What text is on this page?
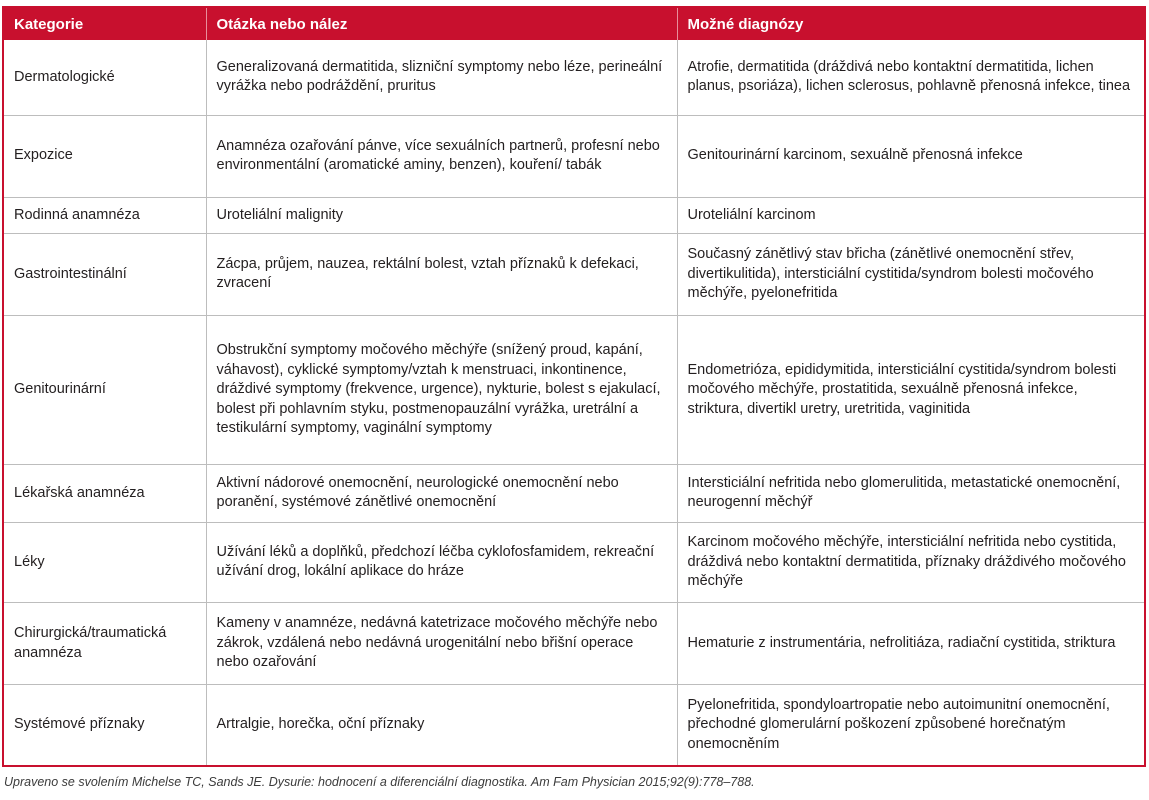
Kategorie	Otázka nebo nález	Možné diagnózy
Dermatologické	Generalizovaná dermatitida, slizniční symptomy nebo léze, perineální vyrážka nebo podráždění, pruritus	Atrofie, dermatitida (dráždivá nebo kontaktní dermatitida, lichen planus, psoriáza), lichen sclerosus, pohlavně přenosná infekce, tinea
Expozice	Anamnéza ozařování pánve, více sexuálních partnerů, profesní nebo environmentální (aromatické aminy, benzen), kouření/ tabák	Genitourinární karcinom, sexuálně přenosná infekce
Rodinná anamnéza	Uroteliální malignity	Uroteliální karcinom
Gastrointestinální	Zácpa, průjem, nauzea, rektální bolest, vztah příznaků k defekaci, zvracení	Současný zánětlivý stav břicha (zánětlivé onemocnění střev, divertikulitida), intersticiální cystitida/syndrom bolesti močového měchýře, pyelonefritida
Genitourinární	Obstrukční symptomy močového měchýře (snížený proud, kapání, váhavost), cyklické symptomy/vztah k menstruaci, inkontinence, dráždivé symptomy (frekvence, urgence), nykturie, bolest s ejakulací, bolest při pohlavním styku, postmenopauzální vyrážka, uretrální a testikulární symptomy, vaginální symptomy	Endometrióza, epididymitida, intersticiální cystitida/syndrom bolesti močového měchýře, prostatitida, sexuálně přenosná infekce, striktura, divertikl uretry, uretritida, vaginitida
Lékařská anamnéza	Aktivní nádorové onemocnění, neurologické onemocnění nebo poranění, systémové zánětlivé onemocnění	Intersticiální nefritida nebo glomerulitida, metastatické onemocnění, neurogenní měchýř
Léky	Užívání léků a doplňků, předchozí léčba cyklofosfamidem, rekreační užívání drog, lokální aplikace do hráze	Karcinom močového měchýře, intersticiální nefritida nebo cystitida, dráždivá nebo kontaktní dermatitida, příznaky dráždivého močového měchýře
Chirurgická/traumatická anamnéza	Kameny v anamnéze, nedávná katetrizace močového měchýře nebo zákrok, vzdálená nebo nedávná urogenitální nebo břišní operace nebo ozařování	Hematurie z instrumentária, nefrolitiáza, radiační cystitida, striktura
Systémové příznaky	Artralgie, horečka, oční příznaky	Pyelonefritida, spondyloartropatie nebo autoimunitní onemocnění, přechodné glomerulární poškození způsobené horečnatým onemocněním
Upraveno se svolením Michelse TC, Sands JE. Dysurie: hodnocení a diferenciální diagnostika. Am Fam Physician 2015;92(9):778–788.
